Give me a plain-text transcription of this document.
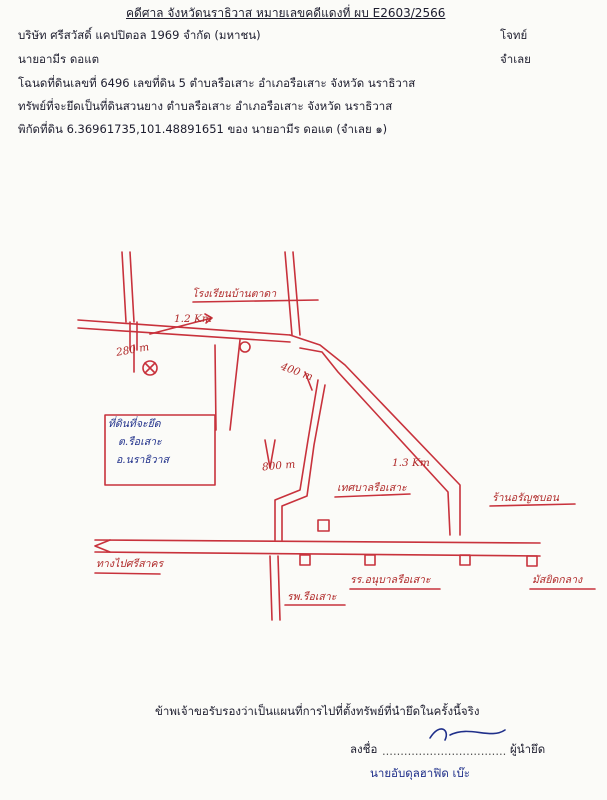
คดีศาล จังหวัดนราธิวาส หมายเลขคดีแดงที่ ผบ E2603/2566
บริษัท ศรีสวัสดิ์ แคปปิตอล 1969 จำกัด (มหาชน)	โจทย์
นายอามีร ดอแต	จำเลย
โฉนดที่ดินเลขที่ 6496 เลขที่ดิน 5 ตำบลรือเสาะ อำเภอรือเสาะ จังหวัด นราธิวาส
ทรัพย์ที่จะยึดเป็นที่ดินสวนยาง ตำบลรือเสาะ อำเภอรือเสาะ จังหวัด นราธิวาส
พิกัดที่ดิน 6.36961735,101.48891651 ของ นายอามีร ดอแต (จำเลย ๑)
โรงเรียนบ้านตาดา
1.2 Km
280 m
400 m
800 m	1.3 Km
ที่ดินที่จะยึด
ต.รือเสาะ
อ.นราธิวาส
เทศบาลรือเสาะ
ร้านอรัญชบอน
ทางไปศรีสาคร
รร.อนุบาลรือเสาะ
รพ.รือเสาะ
มัสยิดกลาง
ข้าพเจ้าขอรับรองว่าเป็นแผนที่การไปที่ตั้งทรัพย์ที่นำยึดในครั้งนี้จริง
ลงชื่อ .................................. ผู้นำยึด
นายอับดุลฮาฟิด เบ๊ะ
